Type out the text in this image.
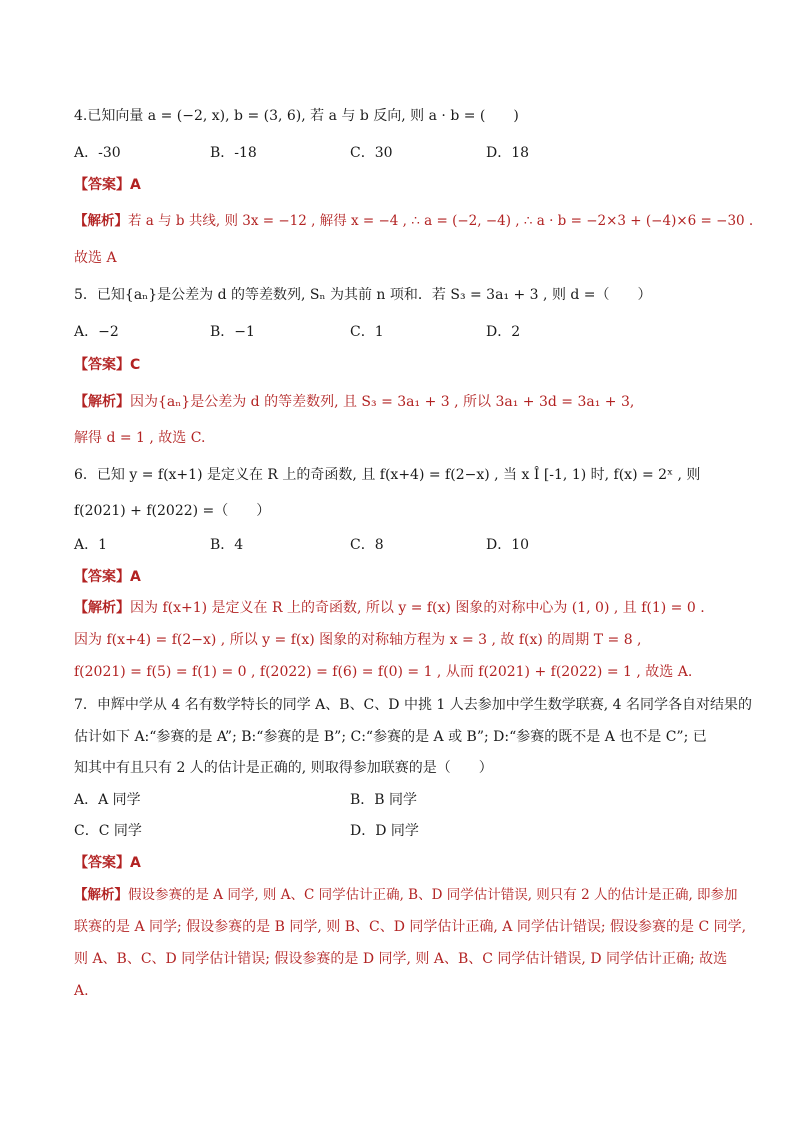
4.已知向量 a = (−2, x), b = (3, 6), 若 a 与 b 反向, 则 a · b = (　　)
A．-30	B．-18	C．30	D．18
【答案】A
【解析】若 a 与 b 共线, 则 3x = −12 , 解得 x = −4 , ∴ a = (−2, −4) , ∴ a · b = −2×3 + (−4)×6 = −30 .
故选 A
5．已知{aₙ}是公差为 d 的等差数列, Sₙ 为其前 n 项和．若 S₃ = 3a₁ + 3 , 则 d =（　　）
A．−2	B．−1	C．1	D．2
【答案】C
【解析】因为{aₙ}是公差为 d 的等差数列, 且 S₃ = 3a₁ + 3 , 所以 3a₁ + 3d = 3a₁ + 3,
解得 d = 1 , 故选 C.
6．已知 y = f(x+1) 是定义在 R 上的奇函数, 且 f(x+4) = f(2−x) , 当 x Î [-1, 1) 时, f(x) = 2ˣ , 则
f(2021) + f(2022) =（　　）
A．1	B．4	C．8	D．10
【答案】A
【解析】因为 f(x+1) 是定义在 R 上的奇函数, 所以 y = f(x) 图象的对称中心为 (1, 0) , 且 f(1) = 0 .
因为 f(x+4) = f(2−x) , 所以 y = f(x) 图象的对称轴方程为 x = 3 , 故 f(x) 的周期 T = 8 ,
f(2021) = f(5) = f(1) = 0 , f(2022) = f(6) = f(0) = 1 , 从而 f(2021) + f(2022) = 1 , 故选 A.
7．申辉中学从 4 名有数学特长的同学 A、B、C、D 中挑 1 人去参加中学生数学联赛, 4 名同学各自对结果的
估计如下 A:“参赛的是 A”; B:“参赛的是 B”; C:“参赛的是 A 或 B”; D:“参赛的既不是 A 也不是 C”; 已
知其中有且只有 2 人的估计是正确的, 则取得参加联赛的是（　　）
A．A 同学	B．B 同学
C．C 同学	D．D 同学
【答案】A
【解析】假设参赛的是 A 同学, 则 A、C 同学估计正确, B、D 同学估计错误, 则只有 2 人的估计是正确, 即参加
联赛的是 A 同学; 假设参赛的是 B 同学, 则 B、C、D 同学估计正确, A 同学估计错误; 假设参赛的是 C 同学,
则 A、B、C、D 同学估计错误; 假设参赛的是 D 同学, 则 A、B、C 同学估计错误, D 同学估计正确; 故选
A.
